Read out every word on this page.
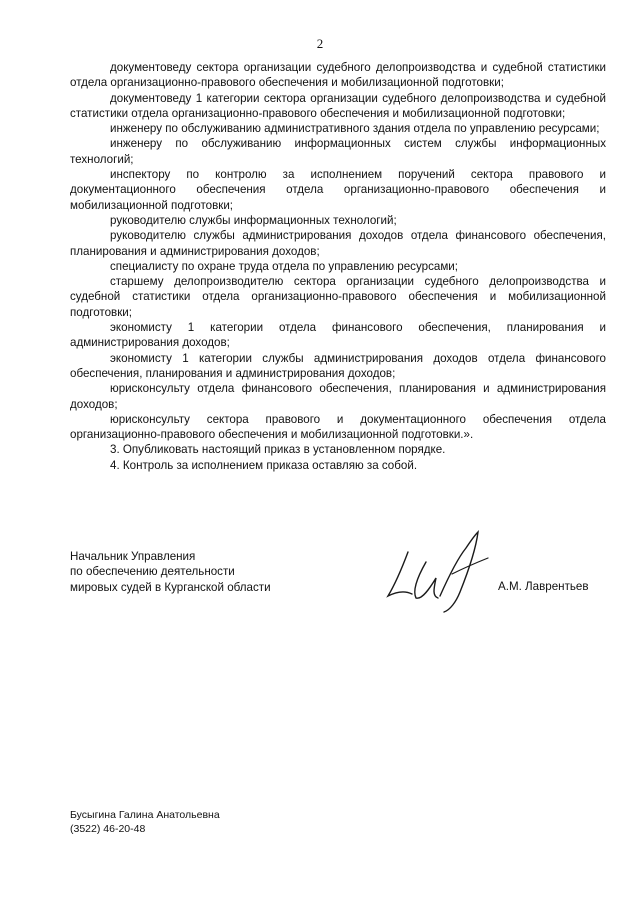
2

документоведу сектора организации судебного делопроизводства и судебной статистики отдела организационно-правового обеспечения и мобилизационной подготовки;

документоведу 1 категории сектора организации судебного делопроизводства и судебной статистики отдела организационно-правового обеспечения и мобилизационной подготовки;

инженеру по обслуживанию административного здания отдела по управлению ресурсами;

инженеру по обслуживанию информационных систем службы информационных технологий;

инспектору по контролю за исполнением поручений сектора правового и документационного обеспечения отдела организационно-правового обеспечения и мобилизационной подготовки;

руководителю службы информационных технологий;

руководителю службы администрирования доходов отдела финансового обеспечения, планирования и администрирования доходов;

специалисту по охране труда отдела по управлению ресурсами;

старшему делопроизводителю сектора организации судебного делопроизводства и судебной статистики отдела организационно-правового обеспечения и мобилизационной подготовки;

экономисту 1 категории отдела финансового обеспечения, планирования и администрирования доходов;

экономисту 1 категории службы администрирования доходов отдела финансового обеспечения, планирования и администрирования доходов;

юрисконсульту отдела финансового обеспечения, планирования и администрирования доходов;

юрисконсульту сектора правового и документационного обеспечения отдела организационно-правового обеспечения и мобилизационной подготовки.».

3. Опубликовать настоящий приказ в установленном порядке.

4. Контроль за исполнением приказа оставляю за собой.

Начальник Управления
по обеспечению деятельности
мировых судей в Курганской области	А.М. Лаврентьев
Бусыгина Галина Анатольевна
(3522) 46-20-48
